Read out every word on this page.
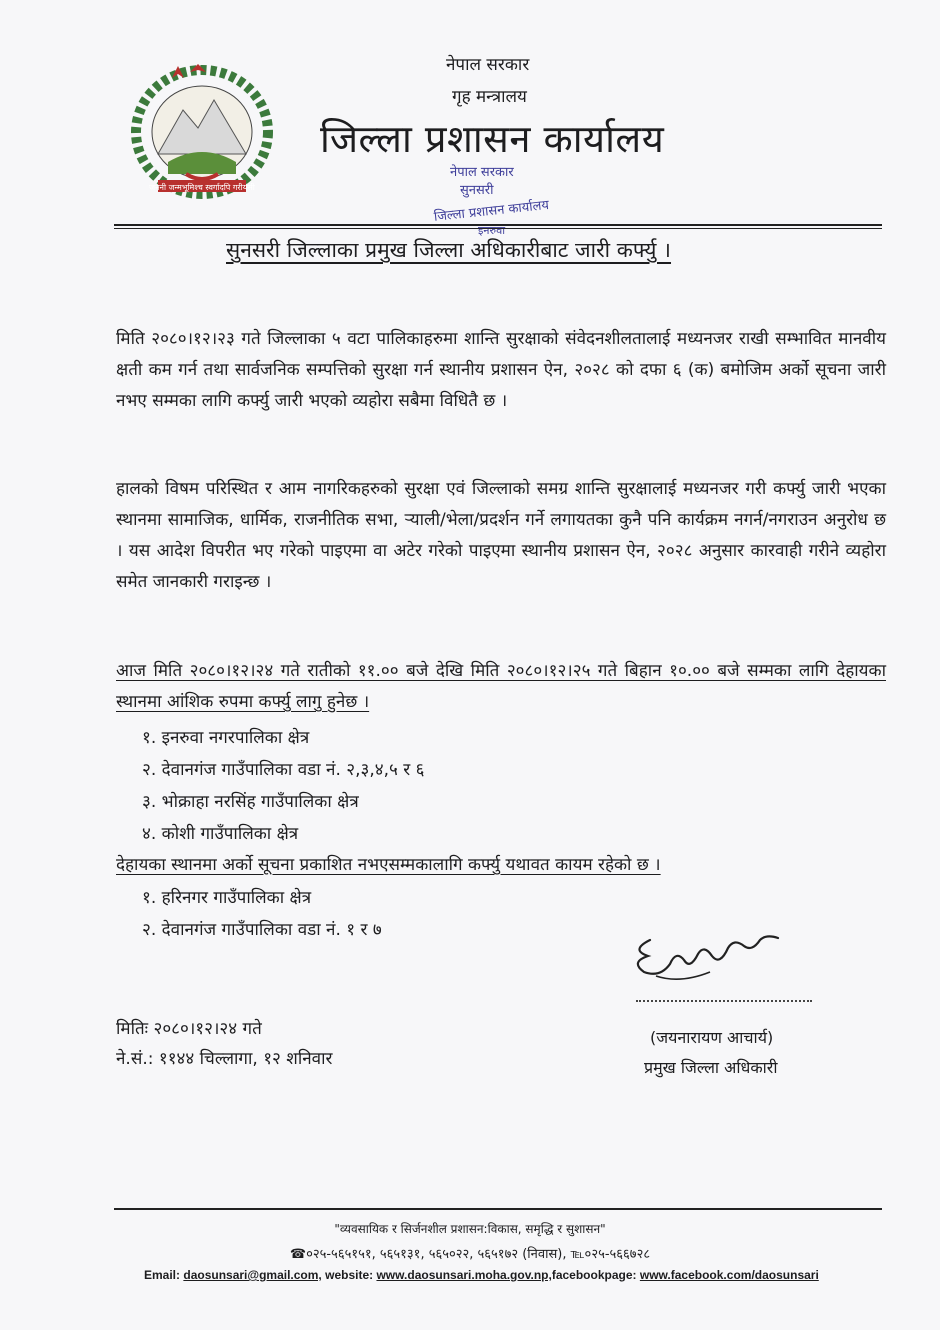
जननी जन्मभूमिश्च स्वर्गादपि गरीयसी
नेपाल सरकार
गृह मन्त्रालय
जिल्ला प्रशासन कार्यालय
नेपाल सरकार
सुनसरी
जिल्ला प्रशासन कार्यालय
इनरुवा
सुनसरी जिल्लाका प्रमुख जिल्ला अधिकारीबाट जारी कर्फ्यु ।
मिति २०८०।१२।२३ गते जिल्लाका ५ वटा पालिकाहरुमा शान्ति सुरक्षाको संवेदनशीलतालाई मध्यनजर राखी सम्भावित मानवीय क्षती कम गर्न तथा सार्वजनिक सम्पत्तिको सुरक्षा गर्न स्थानीय प्रशासन ऐन, २०२८ को दफा ६ (क) बमोजिम अर्को सूचना जारी नभए सम्मका लागि कर्फ्यु जारी भएको व्यहोरा सबैमा विधितै छ ।
हालको विषम परिस्थित र आम नागरिकहरुको सुरक्षा एवं जिल्लाको समग्र शान्ति सुरक्षालाई मध्यनजर गरी कर्फ्यु जारी भएका स्थानमा सामाजिक, धार्मिक, राजनीतिक सभा, ऱ्याली/भेला/प्रदर्शन गर्ने लगायतका कुनै पनि कार्यक्रम नगर्न/नगराउन अनुरोध छ । यस आदेश विपरीत भए गरेको पाइएमा वा अटेर गरेको पाइएमा स्थानीय प्रशासन ऐन, २०२८ अनुसार कारवाही गरीने व्यहोरा समेत जानकारी गराइन्छ ।
आज मिति २०८०।१२।२४ गते रातीको ११.०० बजे देखि मिति २०८०।१२।२५ गते बिहान १०.०० बजे सम्मका लागि देहायका स्थानमा आंशिक रुपमा कर्फ्यु लागु हुनेछ ।
१. इनरुवा नगरपालिका क्षेत्र
२. देवानगंज गाउँपालिका वडा नं. २,३,४,५ र ६
३. भोक्राहा नरसिंह गाउँपालिका क्षेत्र
४. कोशी गाउँपालिका क्षेत्र
देहायका स्थानमा अर्को सूचना प्रकाशित नभएसम्मकालागि कर्फ्यु यथावत कायम रहेको छ ।
१. हरिनगर गाउँपालिका क्षेत्र
२. देवानगंज गाउँपालिका वडा नं. १ र ७
(जयनारायण आचार्य)
प्रमुख जिल्ला अधिकारी
मितिः २०८०।१२।२४ गते
ने.सं.: ११४४ चिल्लागा, १२ शनिवार
"व्यवसायिक र सिर्जनशील प्रशासन:विकास, समृद्धि र सुशासन"
☎०२५-५६५१५१, ५६५१३१, ५६५०२२, ५६५१७२ (निवास), ℡०२५-५६६७२८
Email: daosunsari@gmail.com, website: www.daosunsari.moha.gov.np,facebookpage: www.facebook.com/daosunsari
